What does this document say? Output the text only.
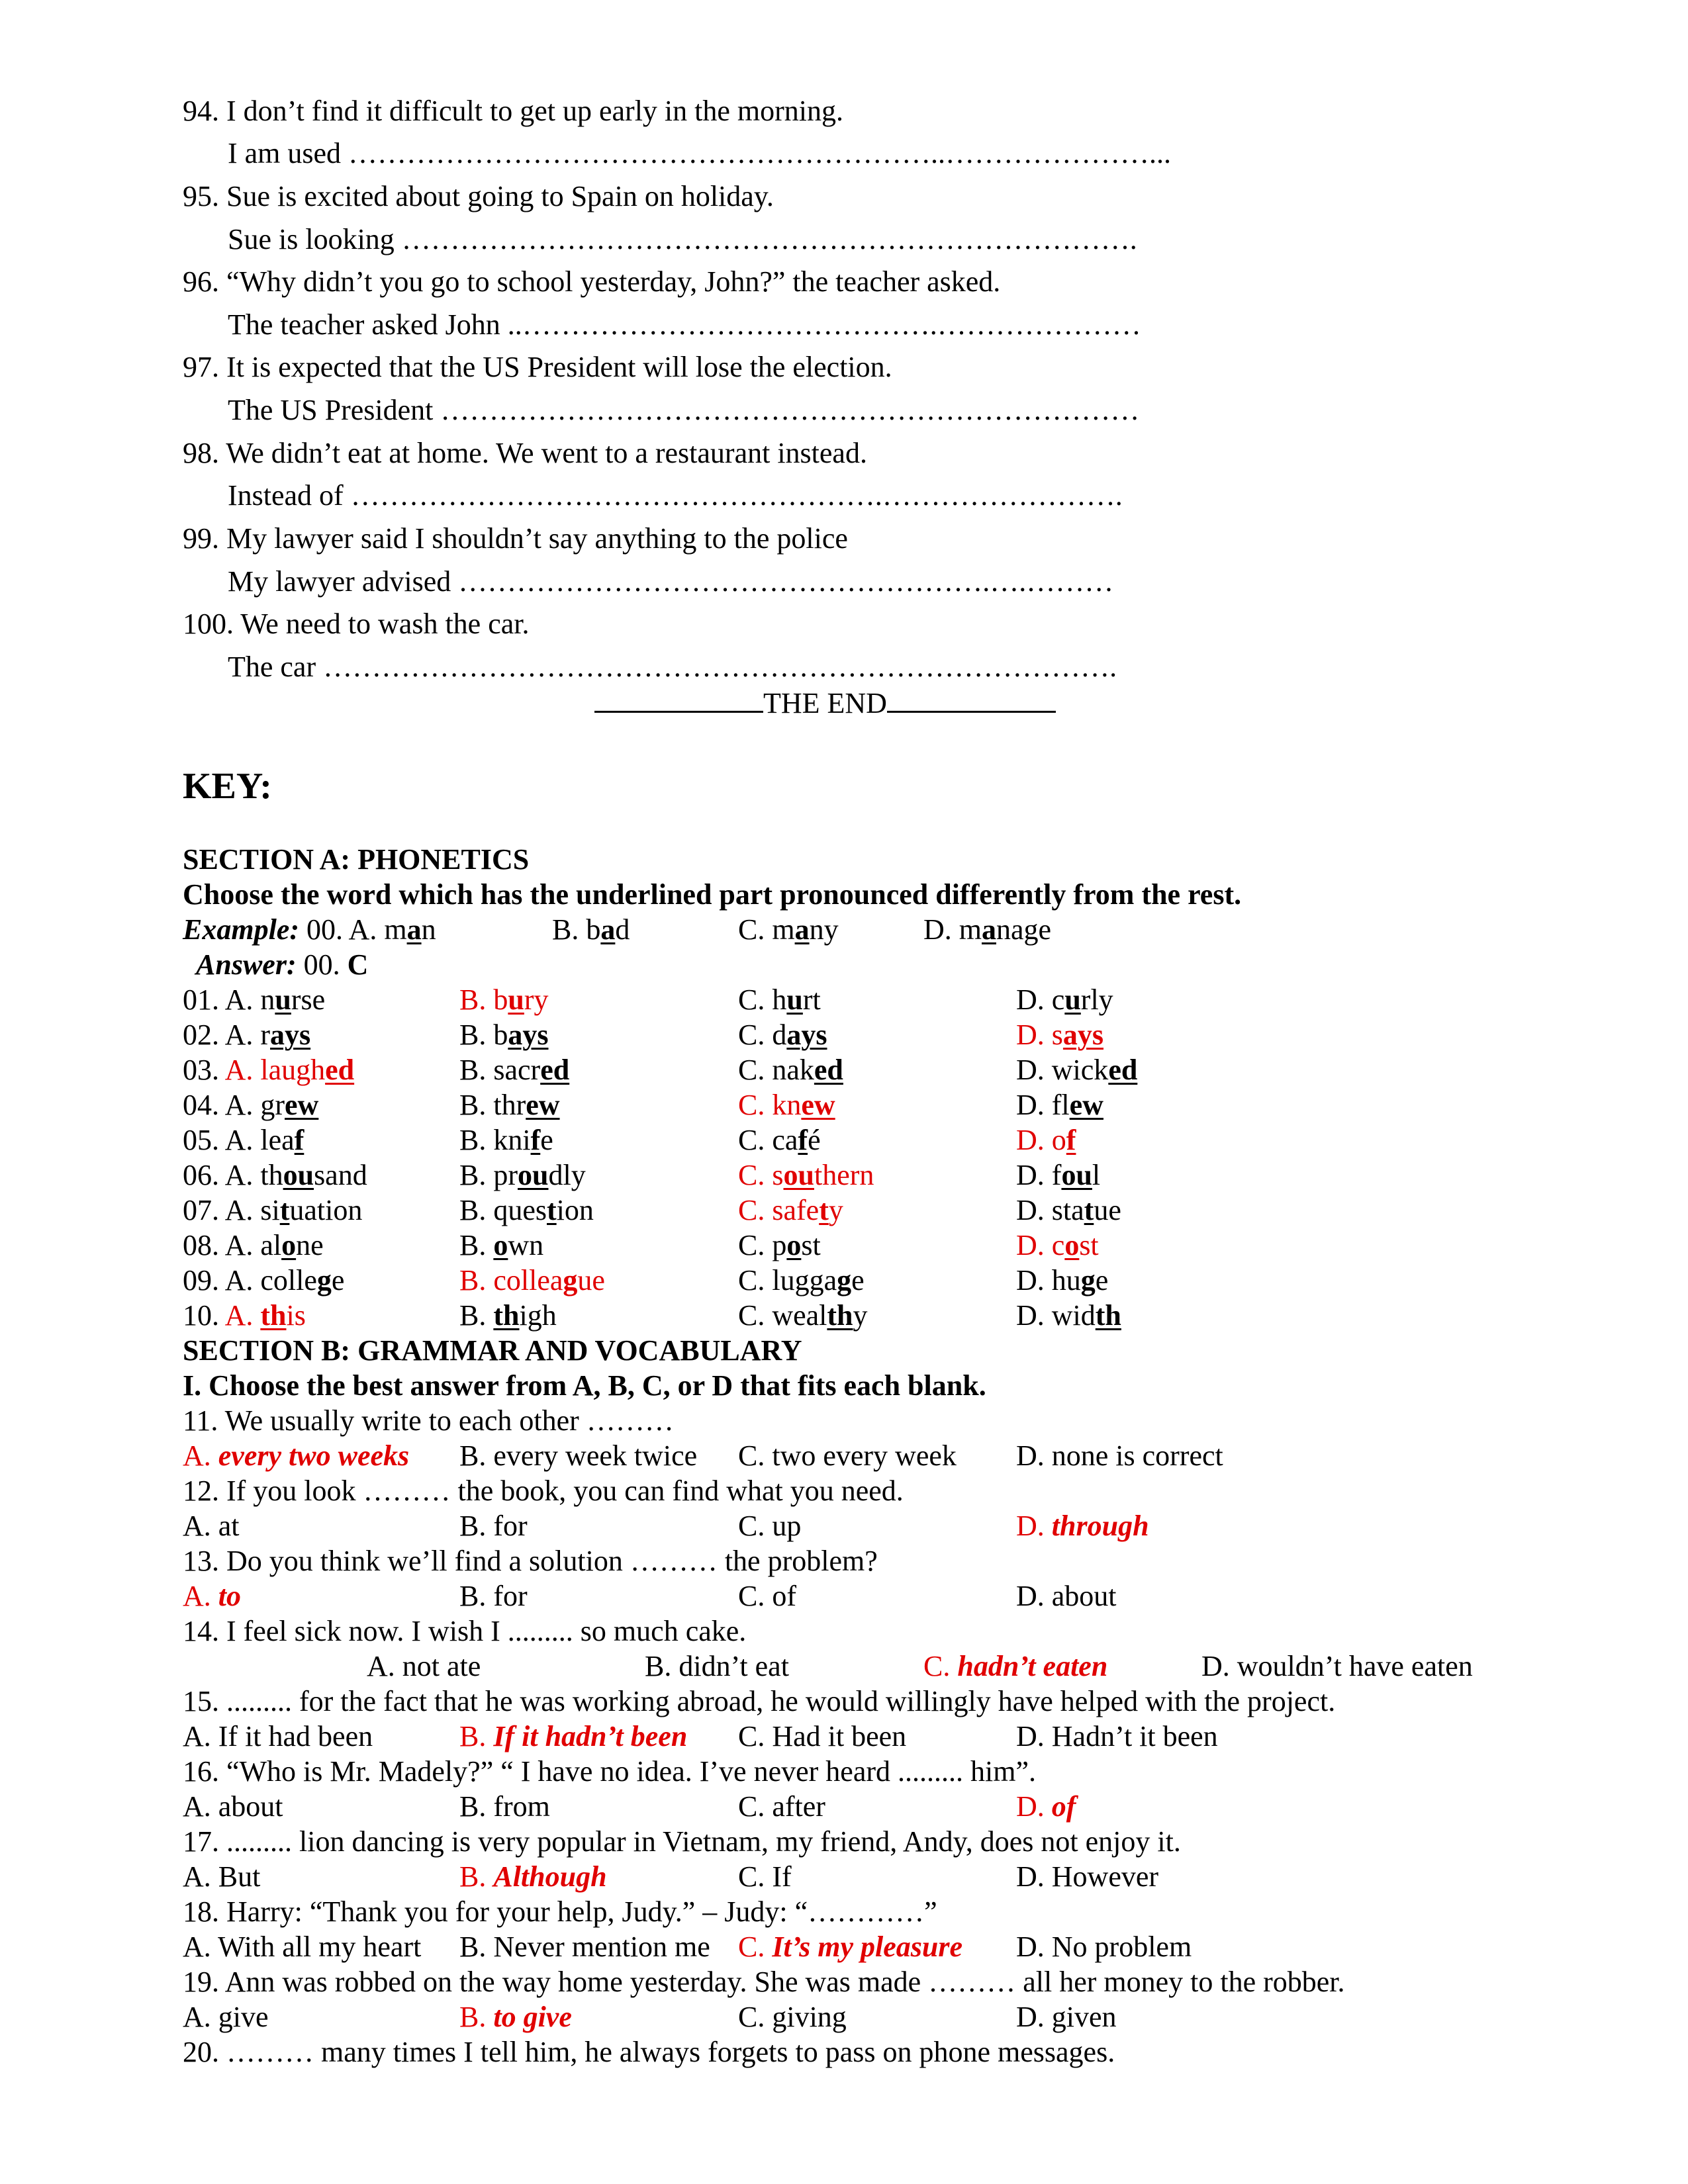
94. I don’t find it difficult to get up early in the morning.
I am used ……………………………………………………..…………………...
95. Sue is excited about going to Spain on holiday.
Sue is looking ………………………………………………………………….
96. “Why didn’t you go to school yesterday, John?” the teacher asked.
The teacher asked John ..…………………………………….…………………
97. It is expected that the US President will lose the election.
The US President ………………………………………………………………
98. We didn’t eat at home. We went to a restaurant instead.
Instead of ……………………………………………….…………………….
99. My lawyer said I shouldn’t say anything to the police
My lawyer advised ……………………………………………….….………
100. We need to wash the car.
The car ……………………………………………………………………….
THE END
KEY:
SECTION A: PHONETICS
Choose the word which has the underlined part pronounced differently from the rest.
Example: 00. A. man	B. bad	C. many	D. manage
Answer: 00. C
01. A. nurse	B. bury	C. hurt	D. curly
02. A. rays	B. bays	C. days	D. says
03. A. laughed	B. sacred	C. naked	D. wicked
04. A. grew	B. threw	C. knew	D. flew
05. A. leaf	B. knife	C. café	D. of
06. A. thousand	B. proudly	C. southern	D. foul
07. A. situation	B. question	C. safety	D. statue
08. A. alone	B. own	C. post	D. cost
09. A. college	B. colleague	C. luggage	D. huge
10. A. this	B. thigh	C. wealthy	D. width
SECTION B: GRAMMAR AND VOCABULARY
I. Choose the best answer from A, B, C, or D that fits each blank.
11. We usually write to each other ………
A. every two weeks B. every week twice C. two every week D. none is correct
12. If you look ……… the book, you can find what you need.
A. at	B. for	C. up	D. through
13. Do you think we’ll find a solution ……… the problem?
A. to	B. for	C. of	D. about
14. I feel sick now. I wish I ......... so much cake.
A. not ate	B. didn’t eat	C. hadn’t eaten	D. wouldn’t have eaten
15. ......... for the fact that he was working abroad, he would willingly have helped with the project.
A. If it had been	B. If it hadn’t been C. Had it been	D. Hadn’t it been
16. “Who is Mr. Madely?” “ I have no idea. I’ve never heard ......... him”.
A. about	B. from	C. after	D. of
17. ......... lion dancing is very popular in Vietnam, my friend, Andy, does not enjoy it.
A. But	B. Although	C. If	D. However
18. Harry: “Thank you for your help, Judy.” – Judy: “…………”
A. With all my heart B. Never mention me C. It’s my pleasure D. No problem
19. Ann was robbed on the way home yesterday. She was made ……… all her money to the robber.
A. give	B. to give	C. giving	D. given
20. ……… many times I tell him, he always forgets to pass on phone messages.
